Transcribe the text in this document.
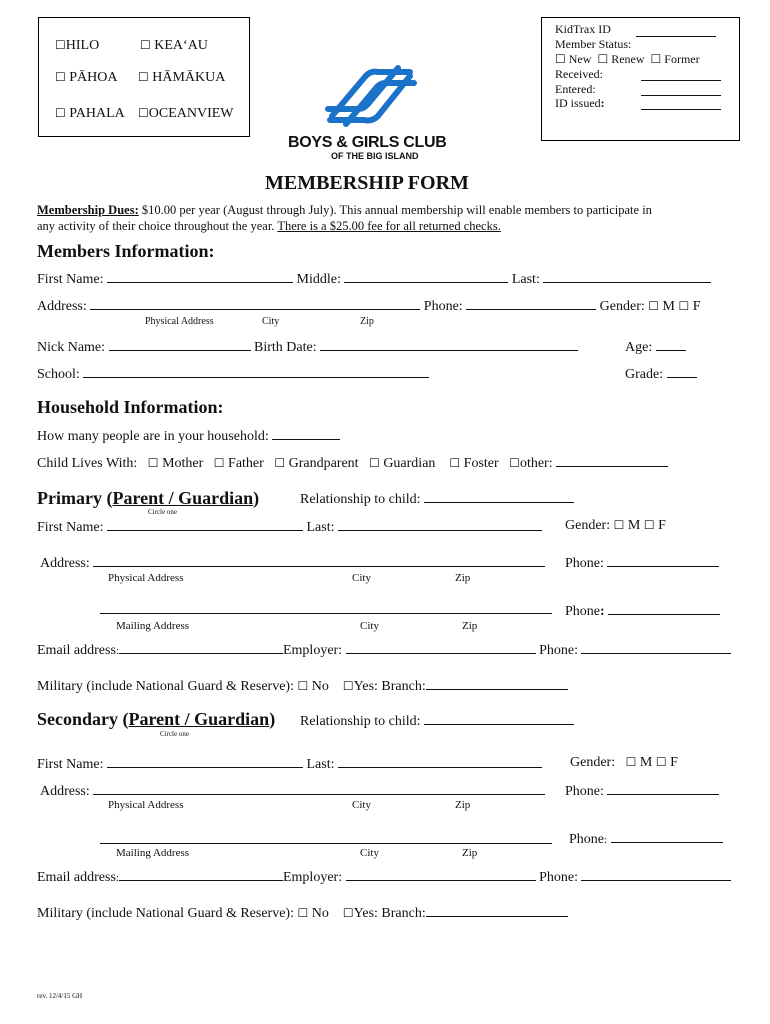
☐HILO	☐ KEA‘AU
☐ PĀHOA ☐ HĀMĀKUA
☐ PAHALA ☐OCEANVIEW
BOYS & GIRLS CLUB
OF THE BIG ISLAND
KidTrax ID
Member Status:
☐ New ☐ Renew ☐ Former
Received:
Entered:
ID issued:
MEMBERSHIP FORM
Membership Dues: $10.00 per year (August through July). This annual membership will enable members to participate in
any activity of their choice throughout the year. There is a $25.00 fee for all returned checks.
Members Information:
First Name:	Middle:	Last:
Address:	Phone:	Gender: ☐ M ☐ F
Physical Address	City	Zip
Nick Name:	Birth Date:	Age:
School:	Grade:
Household Information:
How many people are in your household:
Child Lives With: ☐ Mother ☐ Father ☐ Grandparent ☐ Guardian ☐ Foster ☐other:
Primary (Parent / Guardian)
Circle one
Relationship to child:
First Name:	Last:	Gender: ☐ M ☐ F
Address:	Phone:
Physical Address	City	Zip
Phone:
Mailing Address	City	Zip
Email address:	Employer:	Phone:
Military (include National Guard & Reserve): ☐ No ☐Yes: Branch:
Secondary (Parent / Guardian)
Circle one
Relationship to child:
First Name:	Last:	Gender: ☐ M ☐ F
Address:	Phone:
Physical Address	City	Zip
Phone:
Mailing Address	City	Zip
Email address:	Employer:	Phone:
Military (include National Guard & Reserve): ☐ No ☐Yes: Branch:
rev. 12/4/15 GH
